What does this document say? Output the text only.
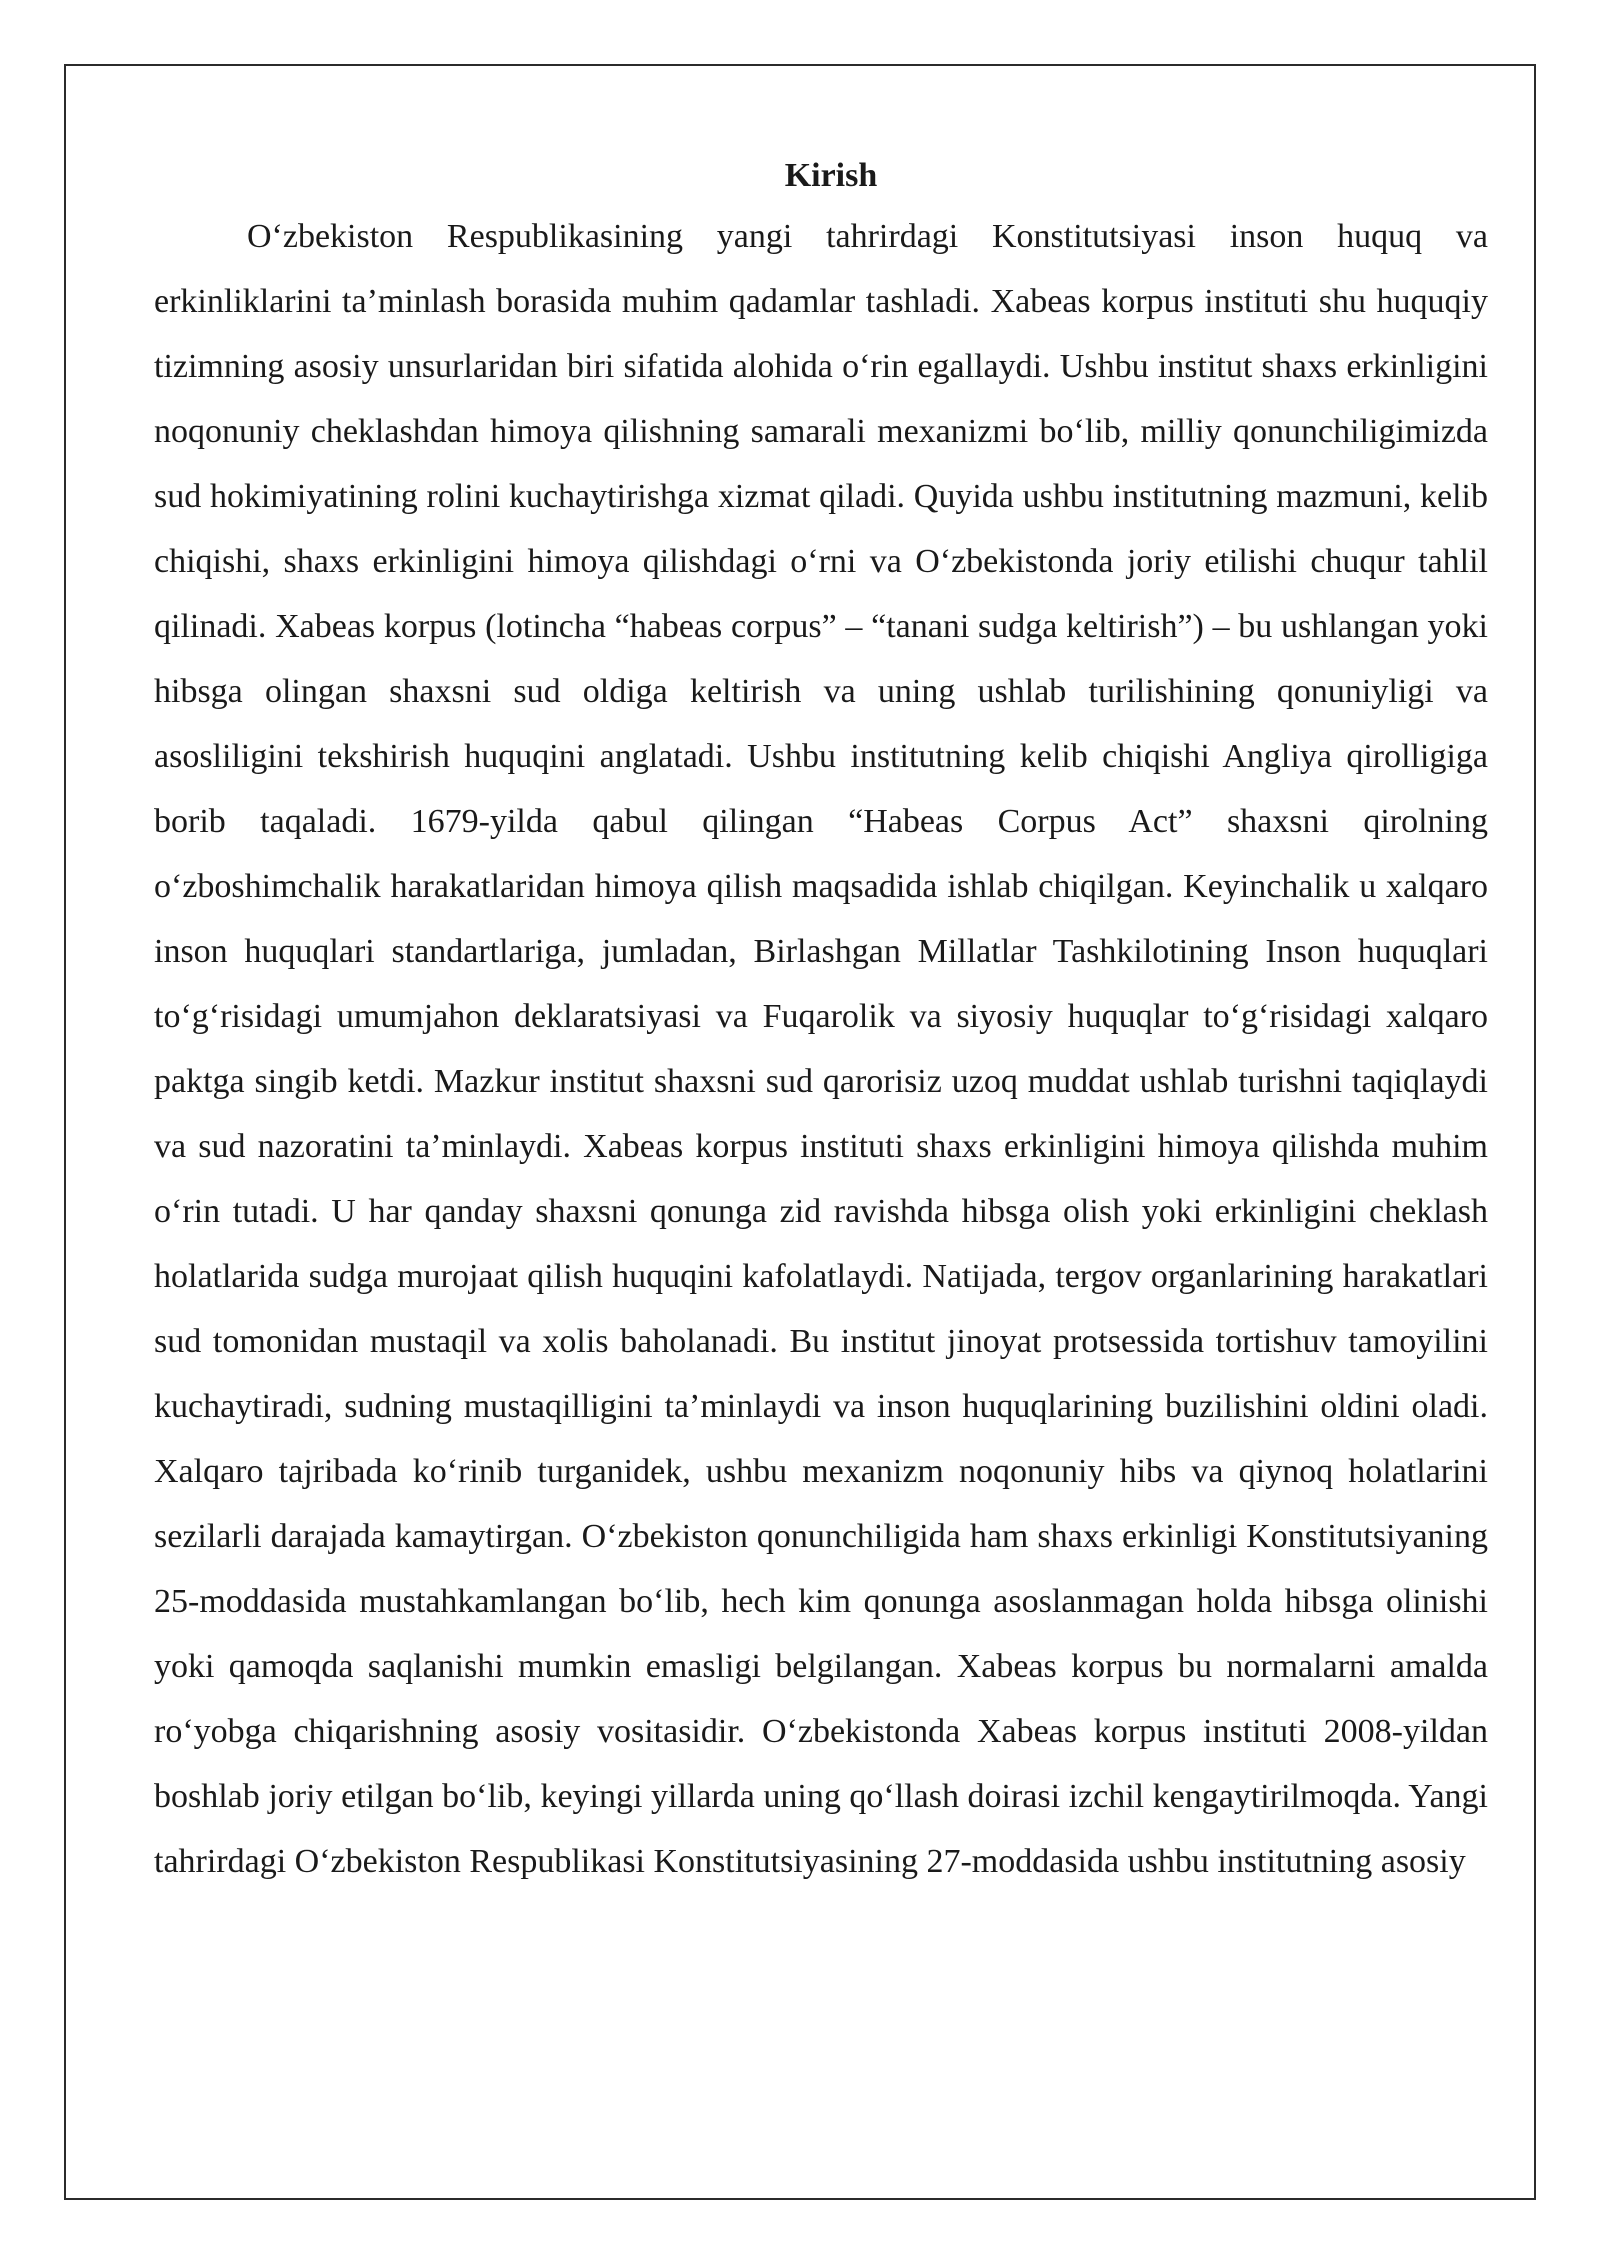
Kirish

O‘zbekiston Respublikasining yangi tahrirdagi Konstitutsiyasi inson huquq va erkinliklarini ta’minlash borasida muhim qadamlar tashladi. Xabeas korpus instituti shu huquqiy tizimning asosiy unsurlaridan biri sifatida alohida o‘rin egallaydi. Ushbu institut shaxs erkinligini noqonuniy cheklashdan himoya qilishning samarali mexanizmi bo‘lib, milliy qonunchiligimizda sud hokimiyatining rolini kuchaytirishga xizmat qiladi. Quyida ushbu institutning mazmuni, kelib chiqishi, shaxs erkinligini himoya qilishdagi o‘rni va O‘zbekistonda joriy etilishi chuqur tahlil qilinadi. Xabeas korpus (lotincha “habeas corpus” – “tanani sudga keltirish”) – bu ushlangan yoki hibsga olingan shaxsni sud oldiga keltirish va uning ushlab turilishining qonuniyligi va asosliligini tekshirish huquqini anglatadi. Ushbu institutning kelib chiqishi Angliya qirolligiga borib taqaladi. 1679-yilda qabul qilingan “Habeas Corpus Act” shaxsni qirolning o‘zboshimchalik harakatlaridan himoya qilish maqsadida ishlab chiqilgan. Keyinchalik u xalqaro inson huquqlari standartlariga, jumladan, Birlashgan Millatlar Tashkilotining Inson huquqlari to‘g‘risidagi umumjahon deklaratsiyasi va Fuqarolik va siyosiy huquqlar to‘g‘risidagi xalqaro paktga singib ketdi. Mazkur institut shaxsni sud qarorisiz uzoq muddat ushlab turishni taqiqlaydi va sud nazoratini ta’minlaydi. Xabeas korpus instituti shaxs erkinligini himoya qilishda muhim o‘rin tutadi. U har qanday shaxsni qonunga zid ravishda hibsga olish yoki erkinligini cheklash holatlarida sudga murojaat qilish huquqini kafolatlaydi. Natijada, tergov organlarining harakatlari sud tomonidan mustaqil va xolis baholanadi. Bu institut jinoyat protsessida tortishuv tamoyilini kuchaytiradi, sudning mustaqilligini ta’minlaydi va inson huquqlarining buzilishini oldini oladi. Xalqaro tajribada ko‘rinib turganidek, ushbu mexanizm noqonuniy hibs va qiynoq holatlarini sezilarli darajada kamaytirgan. O‘zbekiston qonunchiligida ham shaxs erkinligi Konstitutsiyaning 25-moddasida mustahkamlangan bo‘lib, hech kim qonunga asoslanmagan holda hibsga olinishi yoki qamoqda saqlanishi mumkin emasligi belgilangan. Xabeas korpus bu normalarni amalda ro‘yobga chiqarishning asosiy vositasidir. O‘zbekistonda Xabeas korpus instituti 2008-yildan boshlab joriy etilgan bo‘lib, keyingi yillarda uning qo‘llash doirasi izchil kengaytirilmoqda. Yangi tahrirdagi O‘zbekiston Respublikasi Konstitutsiyasining 27-moddasida ushbu institutning asosiy
